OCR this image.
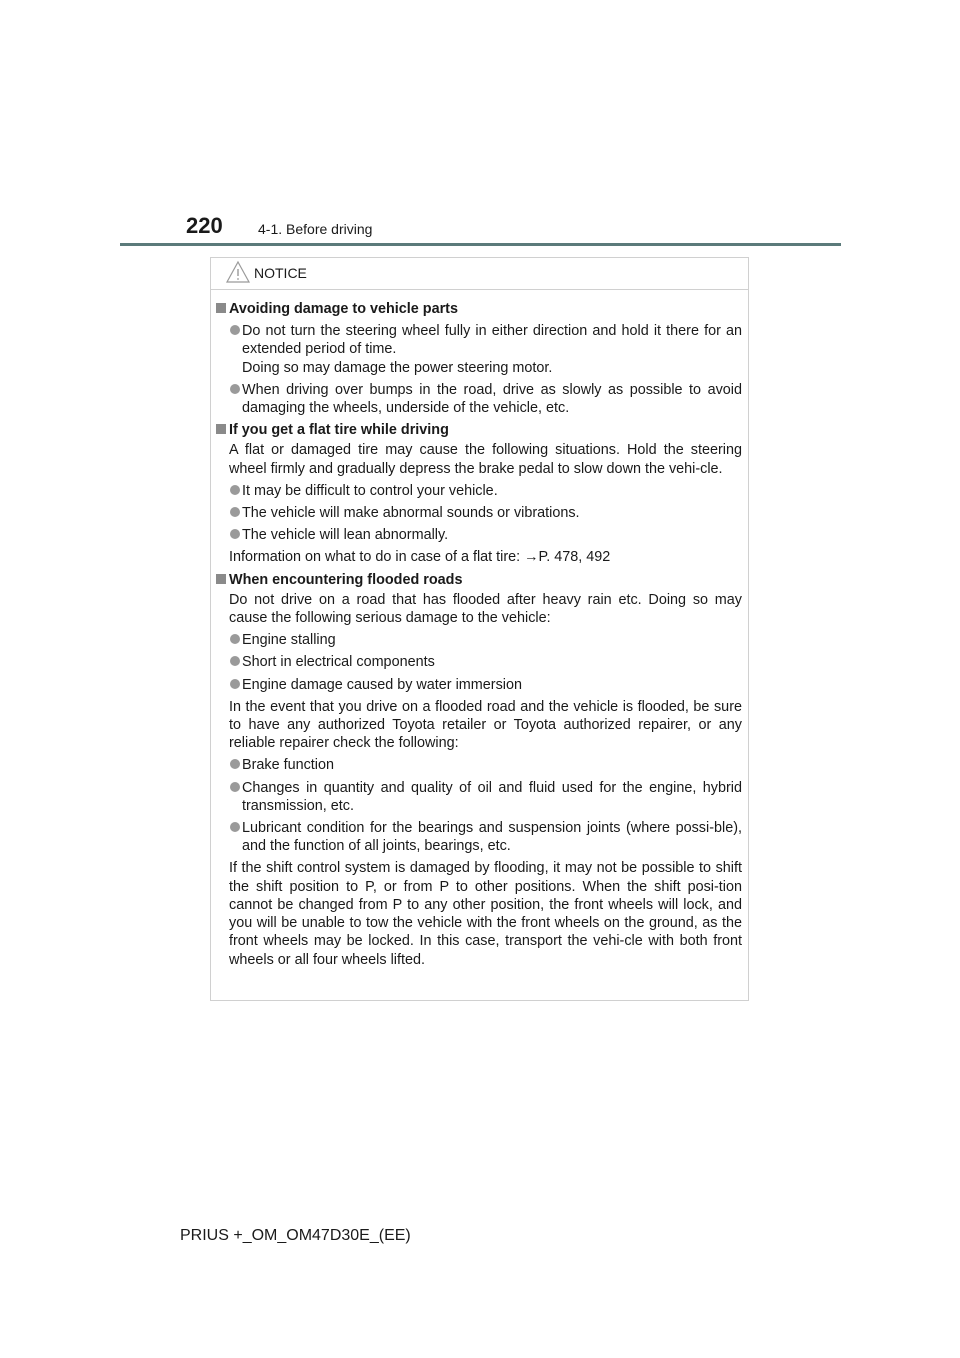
220	4-1. Before driving
NOTICE
Avoiding damage to vehicle parts
Do not turn the steering wheel fully in either direction and hold it there for an extended period of time.
Doing so may damage the power steering motor.
When driving over bumps in the road, drive as slowly as possible to avoid damaging the wheels, underside of the vehicle, etc.
If you get a flat tire while driving
A flat or damaged tire may cause the following situations. Hold the steering wheel firmly and gradually depress the brake pedal to slow down the vehi-cle.
It may be difficult to control your vehicle.
The vehicle will make abnormal sounds or vibrations.
The vehicle will lean abnormally.
Information on what to do in case of a flat tire: →P. 478, 492
When encountering flooded roads
Do not drive on a road that has flooded after heavy rain etc. Doing so may cause the following serious damage to the vehicle:
Engine stalling
Short in electrical components
Engine damage caused by water immersion
In the event that you drive on a flooded road and the vehicle is flooded, be sure to have any authorized Toyota retailer or Toyota authorized repairer, or any reliable repairer check the following:
Brake function
Changes in quantity and quality of oil and fluid used for the engine, hybrid transmission, etc.
Lubricant condition for the bearings and suspension joints (where possi-ble), and the function of all joints, bearings, etc.
If the shift control system is damaged by flooding, it may not be possible to shift the shift position to P, or from P to other positions. When the shift posi-tion cannot be changed from P to any other position, the front wheels will lock, and you will be unable to tow the vehicle with the front wheels on the ground, as the front wheels may be locked. In this case, transport the vehi-cle with both front wheels or all four wheels lifted.
PRIUS +_OM_OM47D30E_(EE)
